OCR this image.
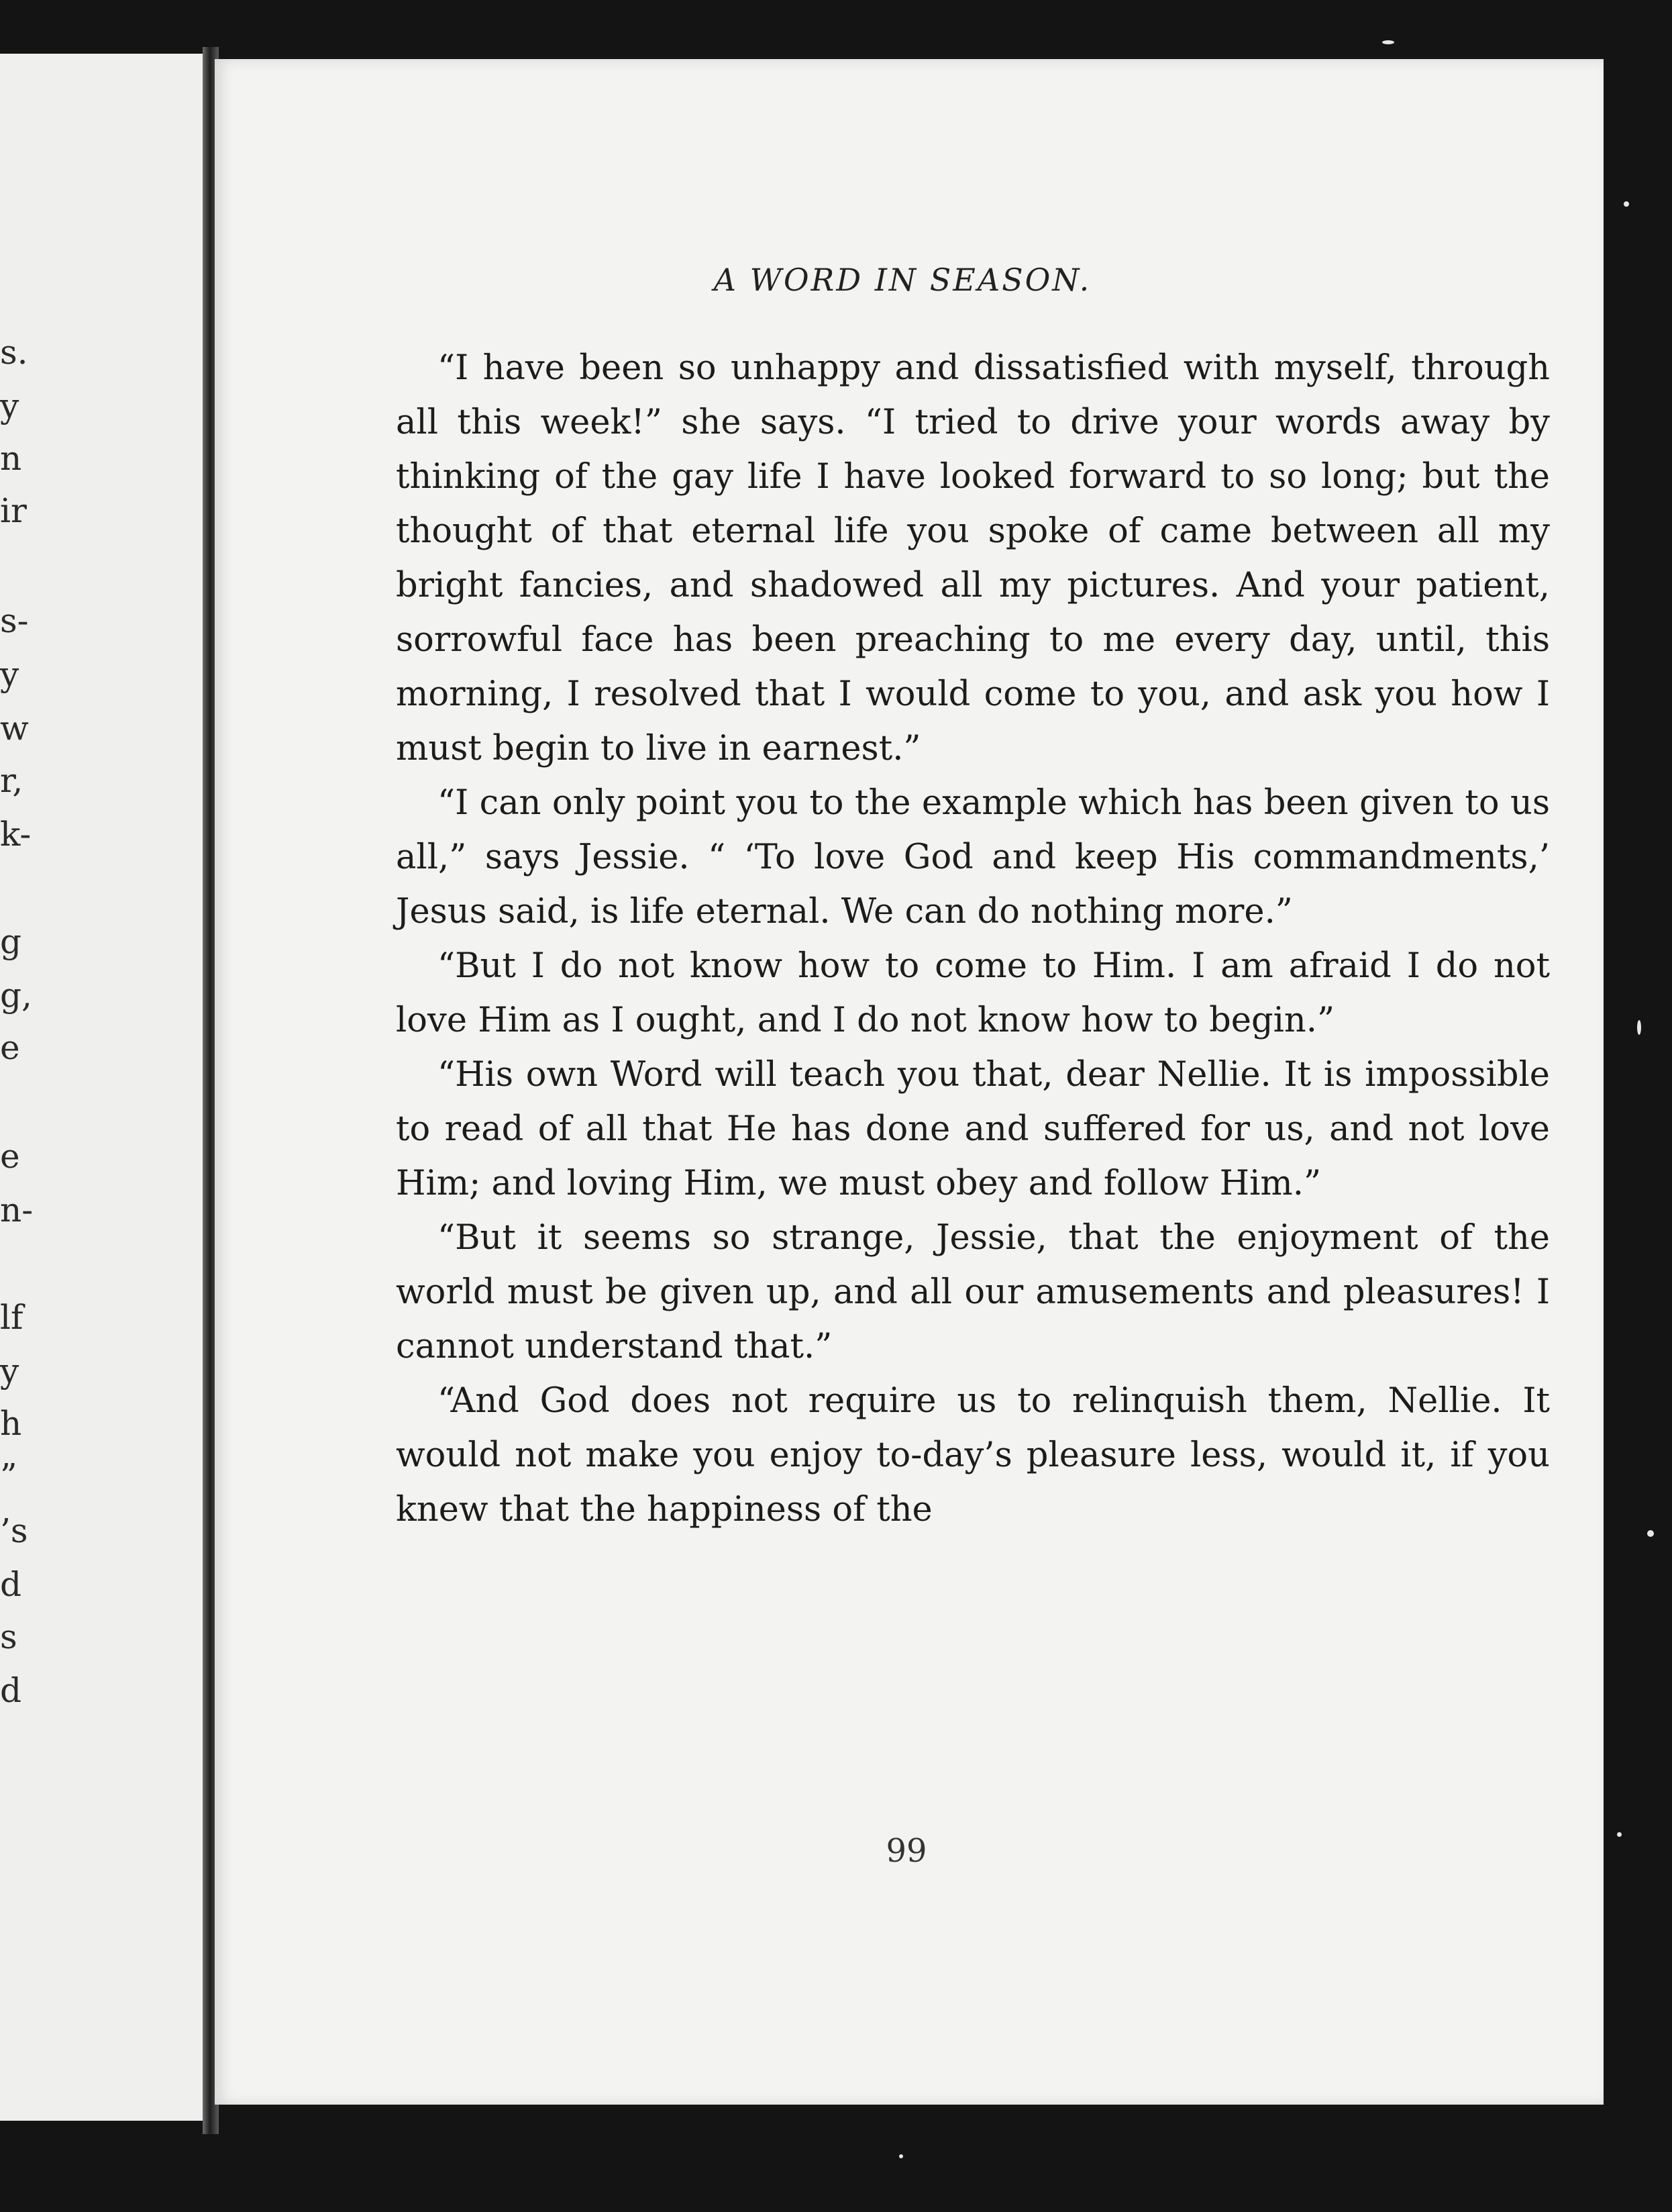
s.
y
n
ir
s-
y
w
r,
k-
g
g,
e
e
n-
lf
y
h
”
’s
d
s
d
A WORD IN SEASON.

“I have been so unhappy and dissatisfied with myself, through all this week!” she says. “I tried to drive your words away by thinking of the gay life I have looked forward to so long; but the thought of that eternal life you spoke of came between all my bright fancies, and shadowed all my pictures. And your patient, sorrowful face has been preaching to me every day, until, this morning, I resolved that I would come to you, and ask you how I must begin to live in earnest.”

“I can only point you to the example which has been given to us all,” says Jessie. “ ‘To love God and keep His commandments,’ Jesus said, is life eternal. We can do nothing more.”

“But I do not know how to come to Him. I am afraid I do not love Him as I ought, and I do not know how to begin.”

“His own Word will teach you that, dear Nellie. It is impossible to read of all that He has done and suffered for us, and not love Him; and loving Him, we must obey and follow Him.”

“But it seems so strange, Jessie, that the enjoyment of the world must be given up, and all our amusements and pleasures! I cannot understand that.”

“And God does not require us to relinquish them, Nellie. It would not make you enjoy to-day’s pleasure less, would it, if you knew that the happiness of the

99
